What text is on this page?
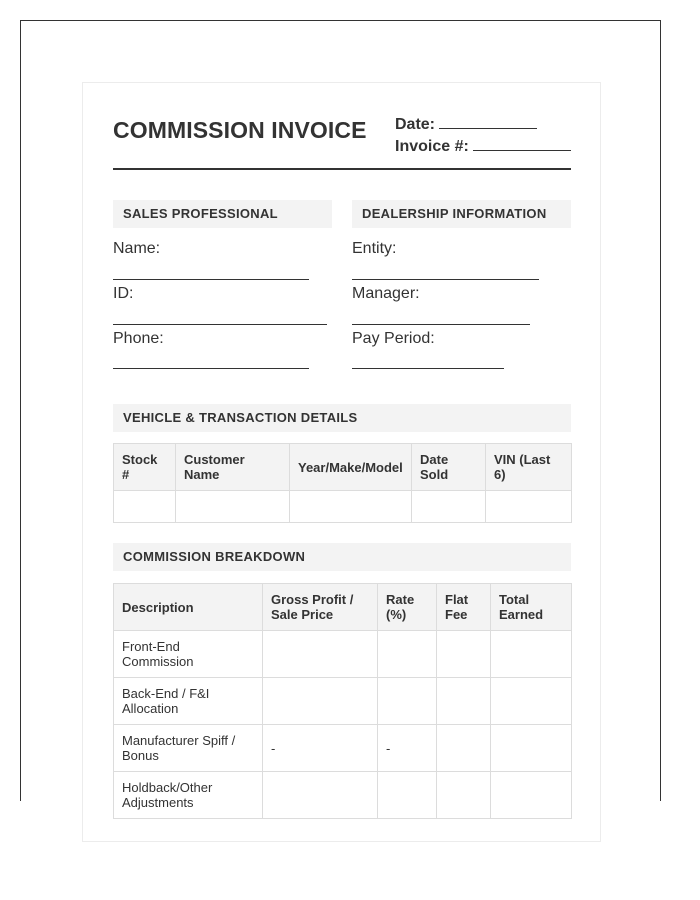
COMMISSION INVOICE Date:
Invoice #:
SALES PROFESSIONAL
Name:
ID:
Phone:
DEALERSHIP INFORMATION
Entity:
Manager:
Pay Period:
VEHICLE & TRANSACTION DETAILS
Stock #	Customer Name	Year/Make/Model	Date Sold	VIN (Last 6)

COMMISSION BREAKDOWN
Description	Gross Profit / Sale Price	Rate (%)	Flat Fee	Total Earned
Front-End Commission				
Back-End / F&I Allocation				
Manufacturer Spiff / Bonus	-	-		
Holdback/Other Adjustments				
